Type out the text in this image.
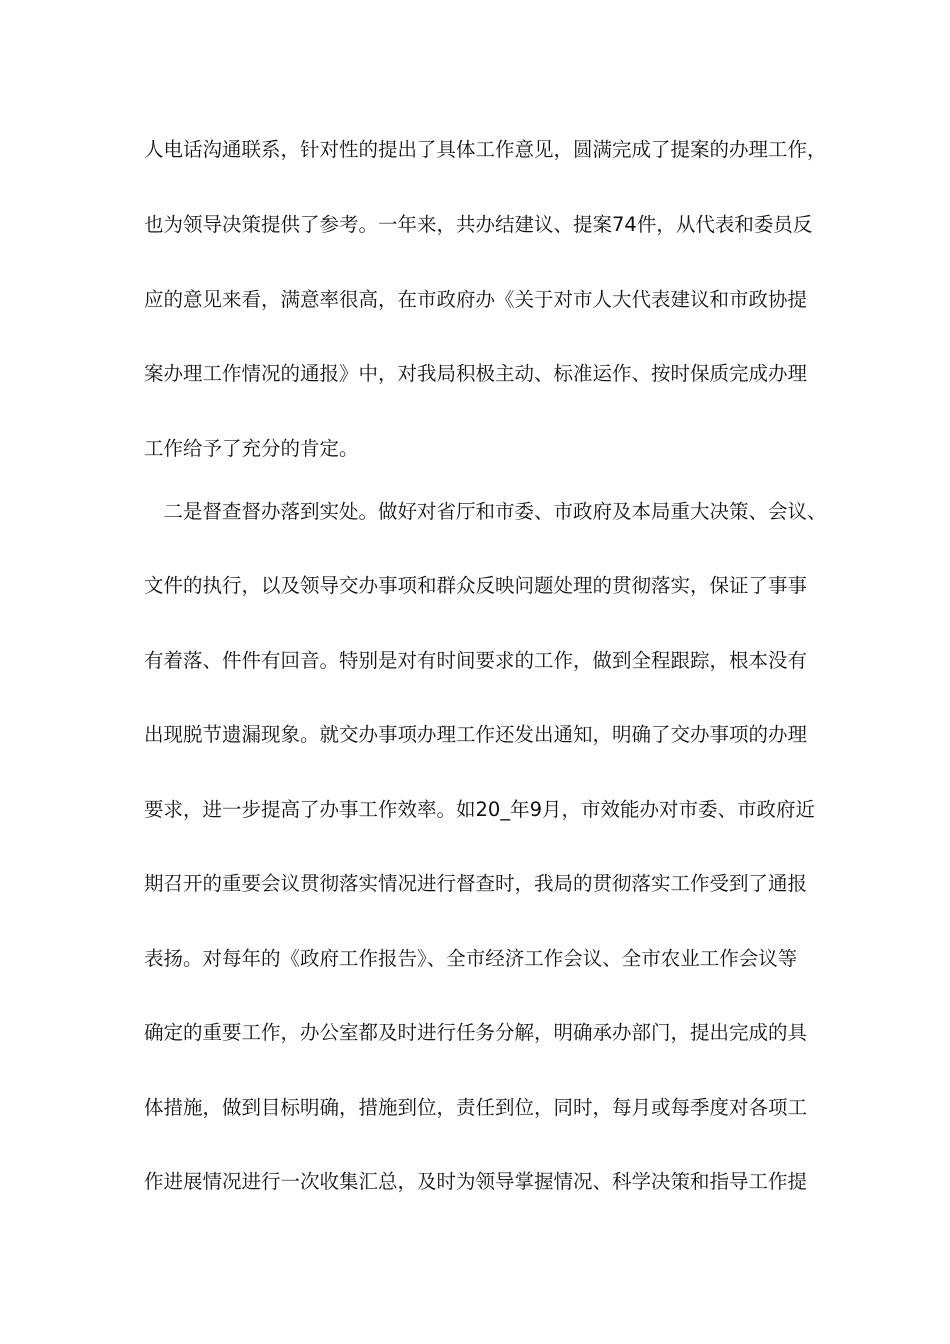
人电话沟通联系，针对性的提出了具体工作意见，圆满完成了提案的办理工作，
也为领导决策提供了参考。一年来，共办结建议、提案74件，从代表和委员反
应的意见来看，满意率很高，在市政府办《关于对市人大代表建议和市政协提
案办理工作情况的通报》中，对我局积极主动、标准运作、按时保质完成办理
工作给予了充分的肯定。
　二是督查督办落到实处。做好对省厅和市委、市政府及本局重大决策、会议、
文件的执行，以及领导交办事项和群众反映问题处理的贯彻落实，保证了事事
有着落、件件有回音。特别是对有时间要求的工作，做到全程跟踪，根本没有
出现脱节遗漏现象。就交办事项办理工作还发出通知，明确了交办事项的办理
要求，进一步提高了办事工作效率。如20_年9月，市效能办对市委、市政府近
期召开的重要会议贯彻落实情况进行督查时，我局的贯彻落实工作受到了通报
表扬。对每年的《政府工作报告》、全市经济工作会议、全市农业工作会议等
确定的重要工作，办公室都及时进行任务分解，明确承办部门，提出完成的具
体措施，做到目标明确，措施到位，责任到位，同时，每月或每季度对各项工
作进展情况进行一次收集汇总，及时为领导掌握情况、科学决策和指导工作提
